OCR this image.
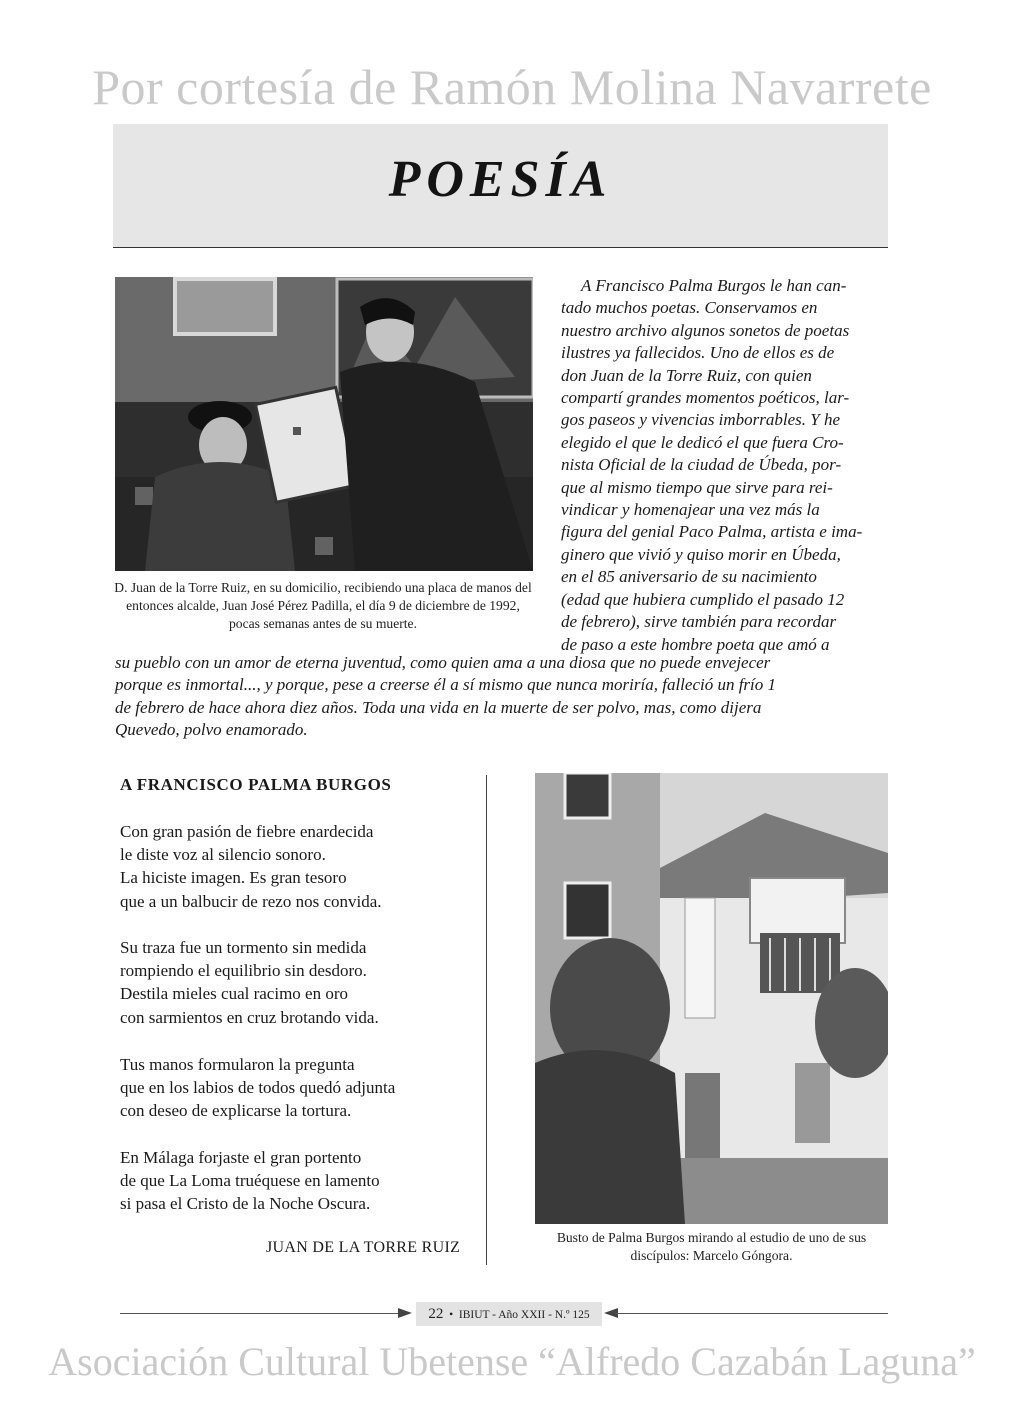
Por cortesía de Ramón Molina Navarrete
POESÍA
D. Juan de la Torre Ruiz, en su domicilio, recibiendo una placa de manos del entonces alcalde, Juan José Pérez Padilla, el día 9 de diciembre de 1992, pocas semanas antes de su muerte.
A Francisco Palma Burgos le han can-
tado muchos poetas. Conservamos en
nuestro archivo algunos sonetos de poetas
ilustres ya fallecidos. Uno de ellos es de
don Juan de la Torre Ruiz, con quien
compartí grandes momentos poéticos, lar-
gos paseos y vivencias imborrables. Y he
elegido el que le dedicó el que fuera Cro-
nista Oficial de la ciudad de Úbeda, por-
que al mismo tiempo que sirve para rei-
vindicar y homenajear una vez más la
figura del genial Paco Palma, artista e ima-
ginero que vivió y quiso morir en Úbeda,
en el 85 aniversario de su nacimiento
(edad que hubiera cumplido el pasado 12
de febrero), sirve también para recordar
de paso a este hombre poeta que amó a
su pueblo con un amor de eterna juventud, como quien ama a una diosa que no puede envejecer
porque es inmortal..., y porque, pese a creerse él a sí mismo que nunca moriría, falleció un frío 1
de febrero de hace ahora diez años. Toda una vida en la muerte de ser polvo, mas, como dijera
Quevedo, polvo enamorado.
A FRANCISCO PALMA BURGOS
Con gran pasión de fiebre enardecida
le diste voz al silencio sonoro.
La hiciste imagen. Es gran tesoro
que a un balbucir de rezo nos convida.
Su traza fue un tormento sin medida
rompiendo el equilibrio sin desdoro.
Destila mieles cual racimo en oro
con sarmientos en cruz brotando vida.
Tus manos formularon la pregunta
que en los labios de todos quedó adjunta
con deseo de explicarse la tortura.
En Málaga forjaste el gran portento
de que La Loma truéquese en lamento
si pasa el Cristo de la Noche Oscura.
JUAN DE LA TORRE RUIZ
Busto de Palma Burgos mirando al estudio de uno de sus discípulos: Marcelo Góngora.
22  •  IBIUT - Año XXII - N.º 125
Asociación Cultural Ubetense “Alfredo Cazabán Laguna”
